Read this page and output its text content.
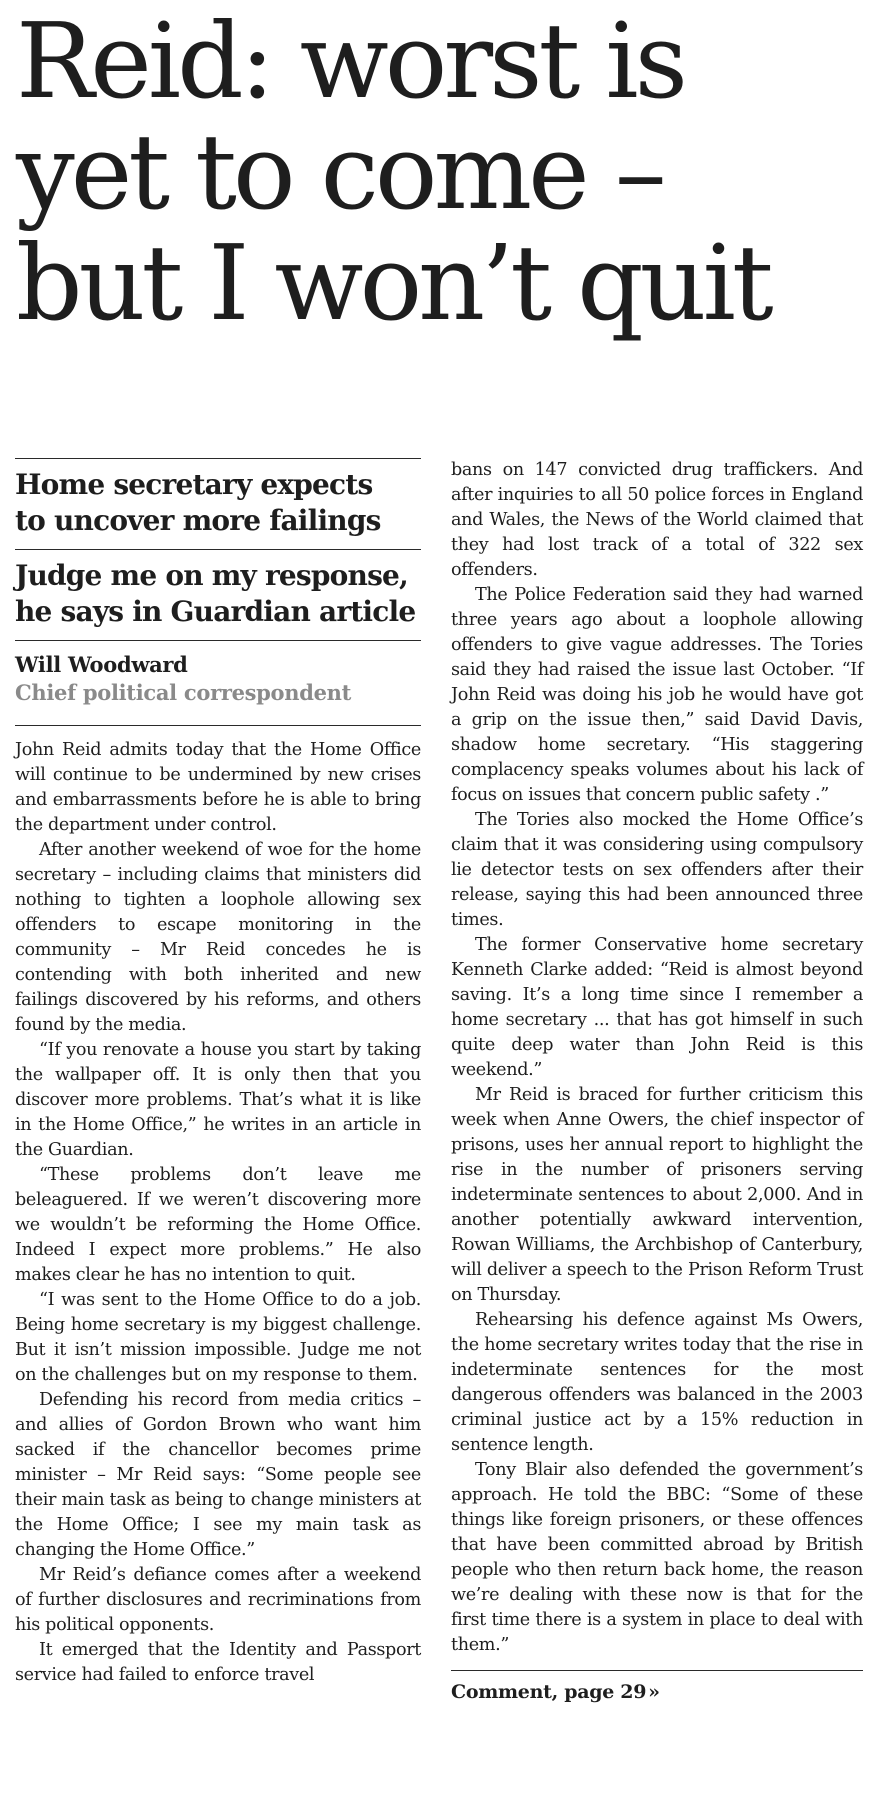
Reid: worst is
yet to come –
but I won’t quit
Home secretary expects
to uncover more failings
Judge me on my response,
he says in Guardian article
Will Woodward
Chief political correspondent

John Reid admits today that the Home Office will continue to be undermined by new crises and embarrassments before he is able to bring the department under control.

After another weekend of woe for the home secretary – including claims that ministers did nothing to tighten a loophole allowing sex offenders to escape monitoring in the community – Mr Reid concedes he is contending with both inherited and new failings discovered by his reforms, and others found by the media.

“If you renovate a house you start by taking the wallpaper off. It is only then that you discover more problems. That’s what it is like in the Home Office,” he writes in an article in the Guardian.

“These problems don’t leave me beleaguered. If we weren’t discovering more we wouldn’t be reforming the Home Office. Indeed I expect more problems.” He also makes clear he has no intention to quit.

“I was sent to the Home Office to do a job. Being home secretary is my biggest challenge. But it isn’t mission impossible. Judge me not on the challenges but on my response to them.

Defending his record from media critics – and allies of Gordon Brown who want him sacked if the chancellor becomes prime minister – Mr Reid says: “Some people see their main task as being to change ministers at the Home Office; I see my main task as changing the Home Office.”

Mr Reid’s defiance comes after a weekend of further disclosures and recriminations from his political opponents.

It emerged that the Identity and Passport service had failed to enforce travel

bans on 147 convicted drug traffickers. And after inquiries to all 50 police forces in England and Wales, the News of the World claimed that they had lost track of a total of 322 sex offenders.

The Police Federation said they had warned three years ago about a loophole allowing offenders to give vague addresses. The Tories said they had raised the issue last October. “If John Reid was doing his job he would have got a grip on the issue then,” said David Davis, shadow home secretary. “His staggering complacency speaks volumes about his lack of focus on issues that concern public safety .”

The Tories also mocked the Home Office’s claim that it was considering using compulsory lie detector tests on sex offenders after their release, saying this had been announced three times.

The former Conservative home secretary Kenneth Clarke added: “Reid is almost beyond saving. It’s a long time since I remember a home secretary ... that has got himself in such quite deep water than John Reid is this weekend.”

Mr Reid is braced for further criticism this week when Anne Owers, the chief inspector of prisons, uses her annual report to highlight the rise in the number of prisoners serving indeterminate sentences to about 2,000. And in another potentially awkward intervention, Rowan Williams, the Archbishop of Canterbury, will deliver a speech to the Prison Reform Trust on Thursday.

Rehearsing his defence against Ms Owers, the home secretary writes today that the rise in indeterminate sentences for the most dangerous offenders was balanced in the 2003 criminal justice act by a 15% reduction in sentence length.

Tony Blair also defended the government’s approach. He told the BBC: “Some of these things like foreign prisoners, or these offences that have been committed abroad by British people who then return back home, the reason we’re dealing with these now is that for the first time there is a system in place to deal with them.”

Comment, page 29 »
